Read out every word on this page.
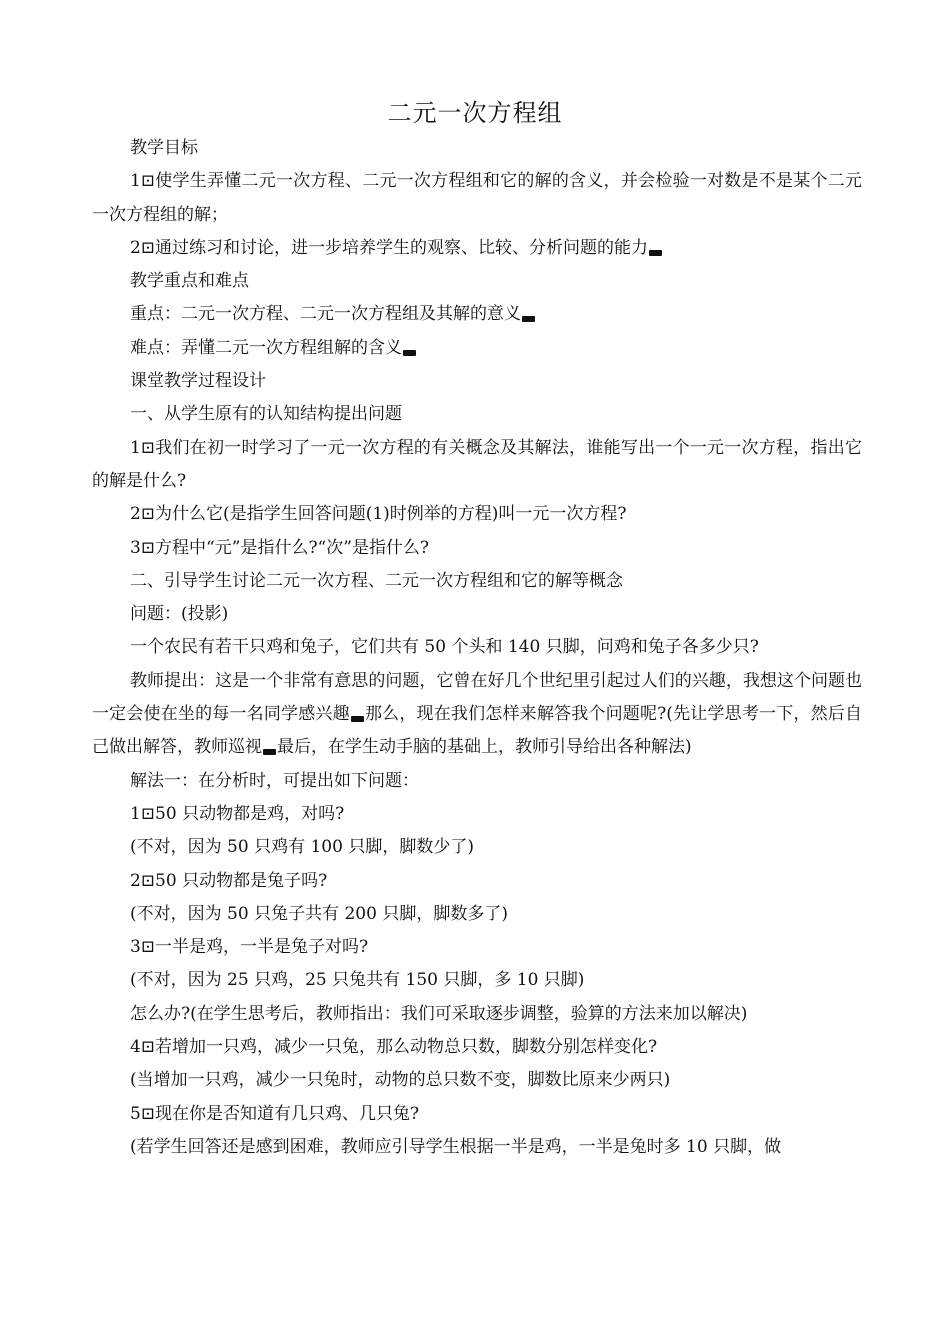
二元一次方程组

教学目标

1⊡使学生弄懂二元一次方程、二元一次方程组和它的解的含义，并会检验一对数是不是某个二元一次方程组的解；

2⊡通过练习和讨论，进一步培养学生的观察、比较、分析问题的能力

教学重点和难点

重点：二元一次方程、二元一次方程组及其解的意义

难点：弄懂二元一次方程组解的含义

课堂教学过程设计

一、从学生原有的认知结构提出问题

1⊡我们在初一时学习了一元一次方程的有关概念及其解法，谁能写出一个一元一次方程，指出它的解是什么?

2⊡为什么它(是指学生回答问题(1)时例举的方程)叫一元一次方程?

3⊡方程中“元”是指什么?“次”是指什么?

二、引导学生讨论二元一次方程、二元一次方程组和它的解等概念

问题：(投影)

一个农民有若干只鸡和兔子，它们共有 50 个头和 140 只脚，问鸡和兔子各多少只?

教师提出：这是一个非常有意思的问题，它曾在好几个世纪里引起过人们的兴趣，我想这个问题也一定会使在坐的每一名同学感兴趣 那么，现在我们怎样来解答我个问题呢?(先让学思考一下，然后自己做出解答，教师巡视 最后，在学生动手脑的基础上，教师引导给出各种解法)

解法一：在分析时，可提出如下问题：

1⊡50 只动物都是鸡，对吗?

(不对，因为 50 只鸡有 100 只脚，脚数少了)

2⊡50 只动物都是兔子吗?

(不对，因为 50 只兔子共有 200 只脚，脚数多了)

3⊡一半是鸡，一半是兔子对吗?

(不对，因为 25 只鸡，25 只兔共有 150 只脚，多 10 只脚)

怎么办?(在学生思考后，教师指出：我们可采取逐步调整，验算的方法来加以解决)

4⊡若增加一只鸡，减少一只兔，那么动物总只数，脚数分别怎样变化?

(当增加一只鸡，减少一只兔时，动物的总只数不变，脚数比原来少两只)

5⊡现在你是否知道有几只鸡、几只兔?

(若学生回答还是感到困难，教师应引导学生根据一半是鸡，一半是兔时多 10 只脚，做
